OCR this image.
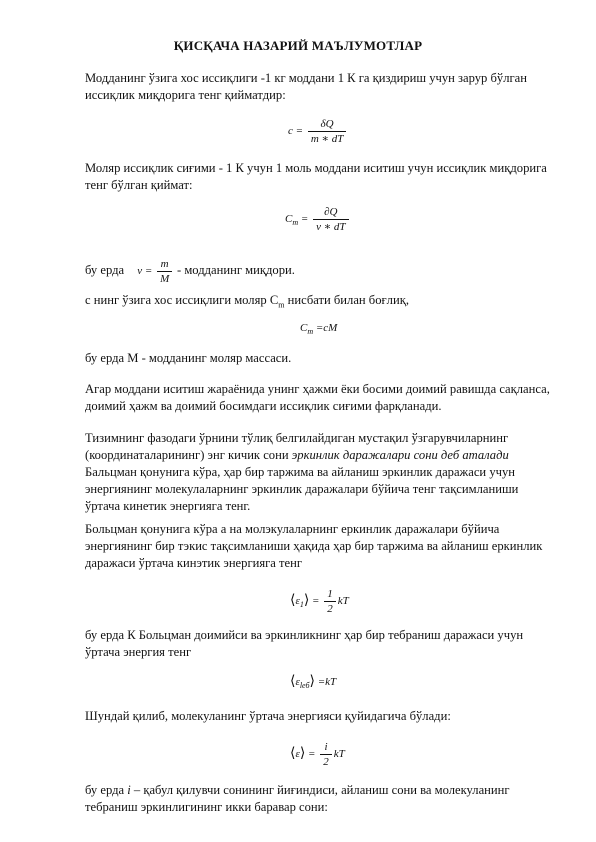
ҚИСҚАЧА НАЗАРИЙ МАЪЛУМОТЛАР

Модданинг ўзига хос иссиқлиги -1 кг моддани 1 К га қиздириш учун зарур бўлган иссиқлик миқдорига тенг қийматдир:

$c = \frac{\delta Q}{m ∗ dT}$

Моляр иссиқлик сиғими - 1 К учун 1 моль моддани иситиш учун иссиқлик миқдорига тенг бўлган қиймат:

$C_m = \frac{\partial Q}{\nu ∗ dT}$
бу ерда $\nu = \frac{m}{M}$ - модданинг миқдори.

с нинг ўзига хос иссиқлиги моляр $С_m$ нисбати билан боғлиқ,

$C_m =cM$

бу ерда М - модданинг моляр массаси.

Агар моддани иситиш жараёнида унинг ҳажми ёки босими доимий равишда сақланса, доимий ҳажм ва доимий босимдаги иссиқлик сиғими фарқланади.

Тизимнинг фазодаги ўрнини тўлиқ белгилайдиган мустақил ўзгарувчиларнинг (координаталарининг) энг кичик сони эркинлик даражалари сони деб аталади Бальцман қонунига кўра, ҳар бир таржима ва айланиш эркинлик даражаси учун энергиянинг молекулаларнинг эркинлик даражалари бўйича тенг тақсимланиши ўртача кинетик энергияга тенг.

Больцман қонунига кўра а на молэкулаларнинг еркинлик даражалари бўйича энергиянинг бир тэкис тақсимланиши ҳақида ҳар бир таржима ва айланиш еркинлик даражаси ўртача кинэтик энергияга тенг

$⟨\varepsilon_1⟩ = \frac{1}{2}$ kT

бу ерда К Больцман доимийси ва эркинликнинг ҳар бир тебраниш даражаси учун ўртача энергия тенг

$⟨\varepsilon_{lеб}⟩ =kT$

Шундай қилиб, молекуланинг ўртача энергияси қуйидагича бўлади:

⟨ε⟩ = $\frac{i}{2}$ kT

бу ерда i – қабул қилувчи сонининг йиғиндиси, айланиш сони ва молекуланинг тебраниш эркинлигининг икки баравар сони:
